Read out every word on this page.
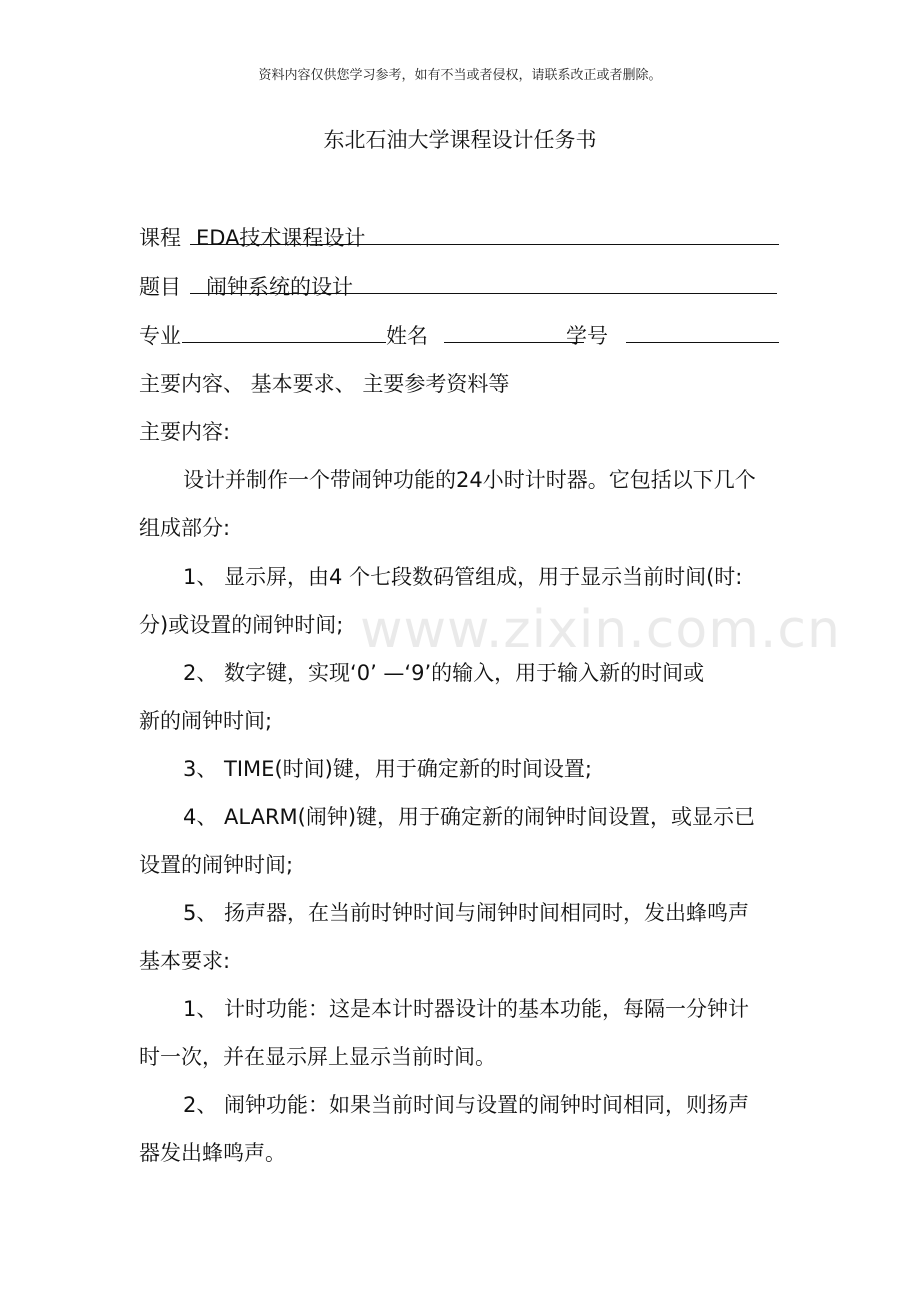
资料内容仅供您学习参考，如有不当或者侵权，请联系改正或者删除。
东北石油大学课程设计任务书
课程 EDA技术课程设计
题目 闹钟系统的设计
专业	姓名	学号
主要内容、 基本要求、 主要参考资料等
主要内容:
设计并制作一个带闹钟功能的24小时计时器。它包括以下几个
组成部分:
1、 显示屏，由4 个七段数码管组成，用于显示当前时间(时:
分)或设置的闹钟时间;
2、 数字键，实现‘0’ —‘9’的输入，用于输入新的时间或
新的闹钟时间;
3、 TIME(时间)键，用于确定新的时间设置;
4、 ALARM(闹钟)键，用于确定新的闹钟时间设置，或显示已
设置的闹钟时间;
5、 扬声器，在当前时钟时间与闹钟时间相同时，发出蜂鸣声
基本要求:
1、 计时功能：这是本计时器设计的基本功能，每隔一分钟计
时一次，并在显示屏上显示当前时间。
2、 闹钟功能：如果当前时间与设置的闹钟时间相同，则扬声
器发出蜂鸣声。
www.zixin.com.cn
